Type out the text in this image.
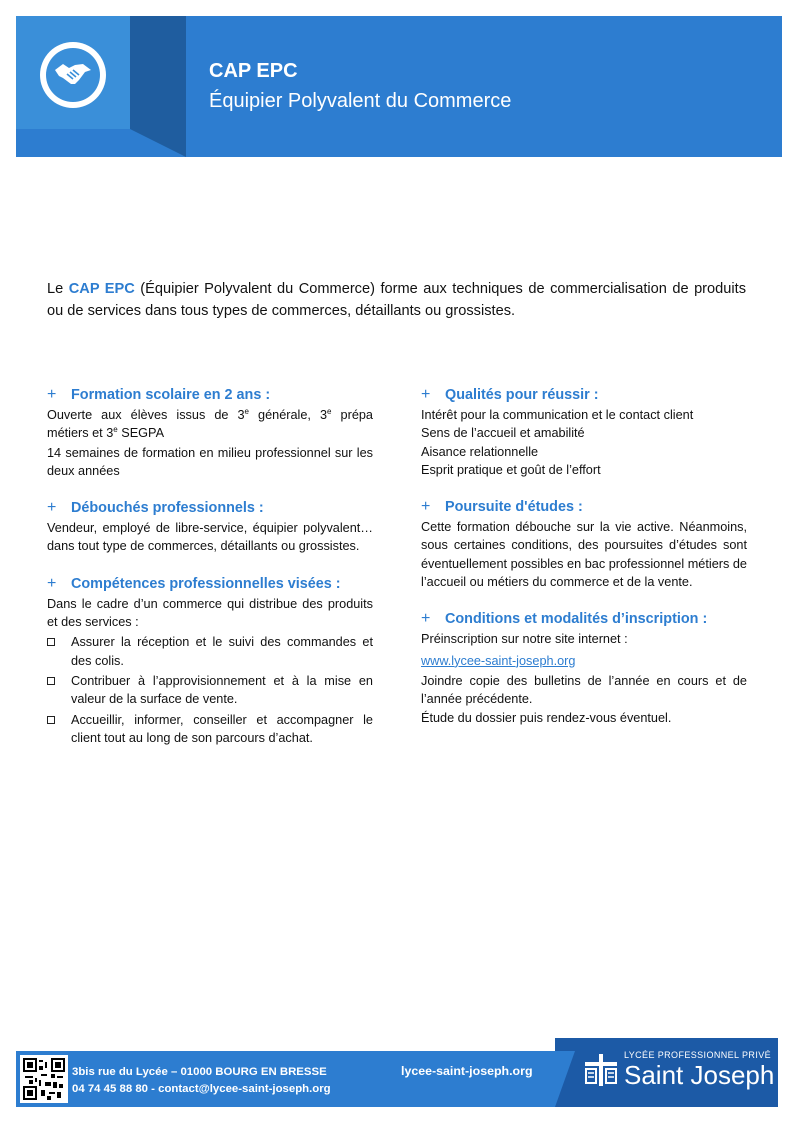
CAP EPC
Équipier Polyvalent du Commerce

Le CAP EPC (Équipier Polyvalent du Commerce) forme aux techniques de commercialisation de produits ou de services dans tous types de commerces, détaillants ou grossistes.

+	Formation scolaire en 2 ans :

Ouverte aux élèves issus de 3e générale, 3e prépa métiers et 3e SEGPA

14 semaines de formation en milieu professionnel sur les deux années

+	Débouchés professionnels :

Vendeur, employé de libre-service, équipier polyvalent… dans tout type de commerces, détaillants ou grossistes.

+	Compétences professionnelles visées :

Dans le cadre d’un commerce qui distribue des produits et des services :

Assurer la réception et le suivi des commandes et des colis.
Contribuer à l’approvisionnement et à la mise en valeur de la surface de vente.
Accueillir, informer, conseiller et accompagner le client tout au long de son parcours d’achat.
+	Qualités pour réussir :

Intérêt pour la communication et le contact client

Sens de l’accueil et amabilité

Aisance relationnelle

Esprit pratique et goût de l’effort

+	Poursuite d'études :

Cette formation débouche sur la vie active. Néanmoins, sous certaines conditions, des poursuites d’études sont éventuellement possibles en bac professionnel métiers de l’accueil ou métiers du commerce et de la vente.

+	Conditions et modalités d’inscription :

Préinscription sur notre site internet :

www.lycee-saint-joseph.org

Joindre copie des bulletins de l’année en cours et de l’année précédente.

Étude du dossier puis rendez-vous éventuel.

3bis rue du Lycée – 01000 BOURG EN BRESSE
04 74 45 88 80 - contact@lycee-saint-joseph.org
lycee-saint-joseph.org
LYCÉE PROFESSIONNEL PRIVÉ
Saint Joseph
